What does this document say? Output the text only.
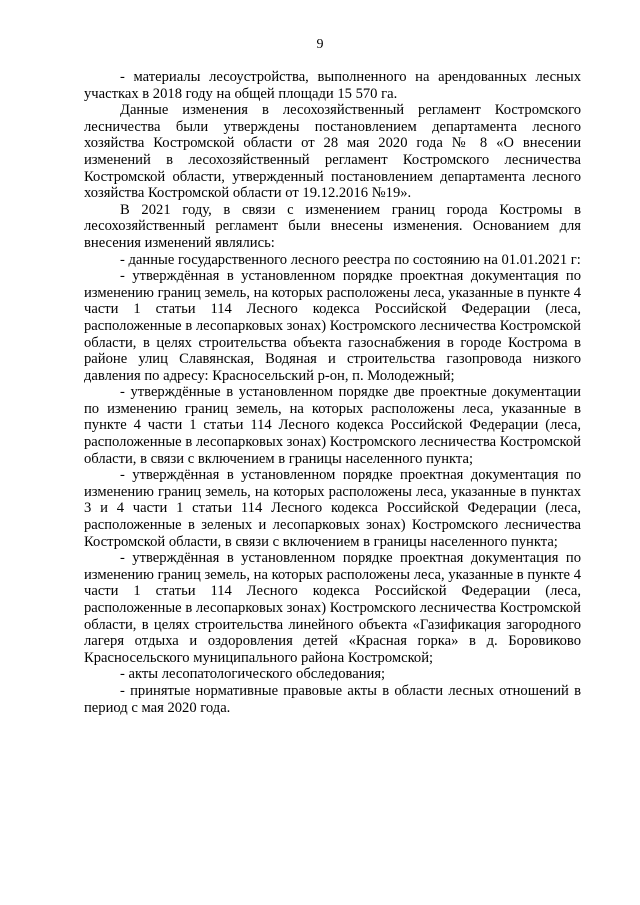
9

- материалы лесоустройства, выполненного на арендованных лесных участках в 2018 году на общей площади 15 570 га.

Данные изменения в лесохозяйственный регламент Костромского лесничества были утверждены постановлением департамента лесного хозяйства Костромской области от 28 мая 2020 года № 8 «О внесении изменений в лесохозяйственный регламент Костромского лесничества Костромской области, утвержденный постановлением департамента лесного хозяйства Костромской области от 19.12.2016 №19».

В 2021 году, в связи с изменением границ города Костромы в лесохозяйственный регламент были внесены изменения. Основанием для внесения изменений являлись:

- данные государственного лесного реестра по состоянию на 01.01.2021 г:

- утверждённая в установленном порядке проектная документация по изменению границ земель, на которых расположены леса, указанные в пункте 4 части 1 статьи 114 Лесного кодекса Российской Федерации (леса, расположенные в лесопарковых зонах) Костромского лесничества Костромской области, в целях строительства объекта газоснабжения в городе Кострома в районе улиц Славянская, Водяная и строительства газопровода низкого давления по адресу: Красносельский р-он, п. Молодежный;

- утверждённые в установленном порядке две проектные документации по изменению границ земель, на которых расположены леса, указанные в пункте 4 части 1 статьи 114 Лесного кодекса Российской Федерации (леса, расположенные в лесопарковых зонах) Костромского лесничества Костромской области, в связи с включением в границы населенного пункта;

- утверждённая в установленном порядке проектная документация по изменению границ земель, на которых расположены леса, указанные в пунктах 3 и 4 части 1 статьи 114 Лесного кодекса Российской Федерации (леса, расположенные в зеленых и лесопарковых зонах) Костромского лесничества Костромской области, в связи с включением в границы населенного пункта;

- утверждённая в установленном порядке проектная документация по изменению границ земель, на которых расположены леса, указанные в пункте 4 части 1 статьи 114 Лесного кодекса Российской Федерации (леса, расположенные в лесопарковых зонах) Костромского лесничества Костромской области, в целях строительства линейного объекта «Газификация загородного лагеря отдыха и оздоровления детей «Красная горка» в д. Боровиково Красносельского муниципального района Костромской;

- акты лесопатологического обследования;

- принятые нормативные правовые акты в области лесных отношений в период с мая 2020 года.
